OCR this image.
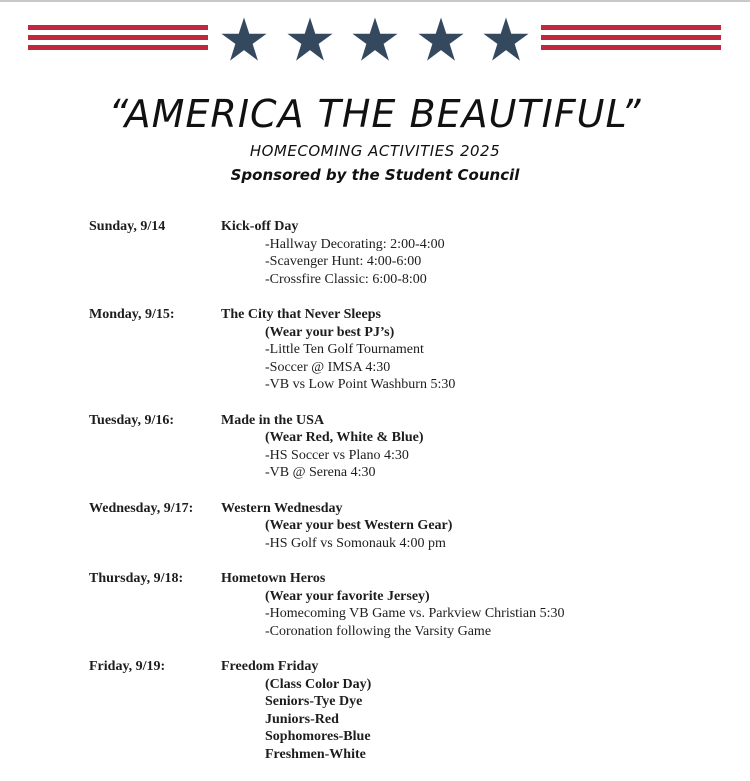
“AMERICA THE BEAUTIFUL”
HOMECOMING ACTIVITIES 2025
Sponsored by the Student Council
Sunday, 9/14	Kick-off Day
-Hallway Decorating: 2:00-4:00
-Scavenger Hunt: 4:00-6:00
-Crossfire Classic: 6:00-8:00
Monday, 9/15:	The City that Never Sleeps
(Wear your best PJ’s)
-Little Ten Golf Tournament
-Soccer @ IMSA 4:30
-VB vs Low Point Washburn 5:30
Tuesday, 9/16:	Made in the USA
(Wear Red, White & Blue)
-HS Soccer vs Plano 4:30
-VB @ Serena 4:30
Wednesday, 9/17: Western Wednesday
(Wear your best Western Gear)
-HS Golf vs Somonauk 4:00 pm
Thursday, 9/18:	Hometown Heros
(Wear your favorite Jersey)
-Homecoming VB Game vs. Parkview Christian 5:30
-Coronation following the Varsity Game
Friday, 9/19:	Freedom Friday
(Class Color Day)
Seniors-Tye Dye
Juniors-Red
Sophomores-Blue
Freshmen-White
